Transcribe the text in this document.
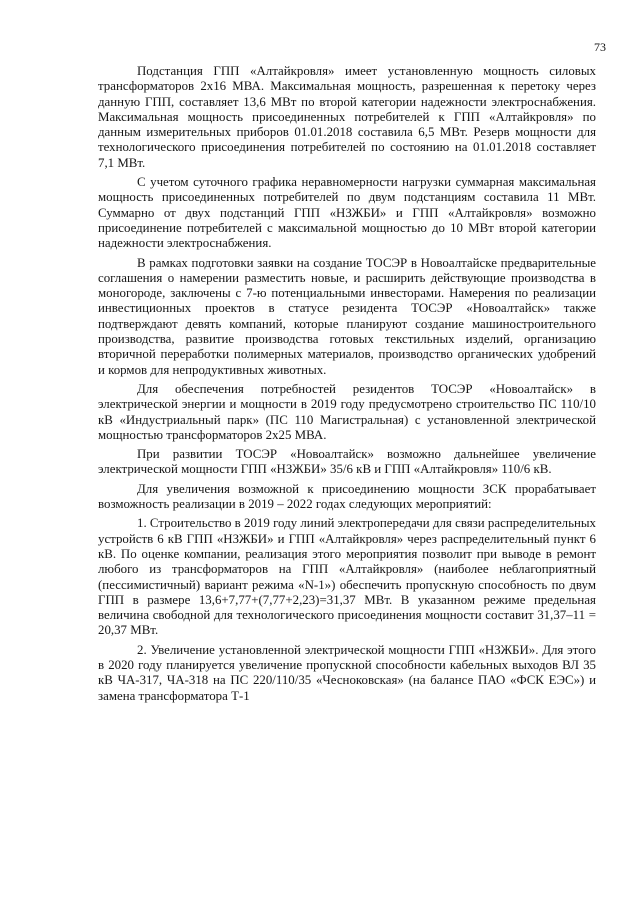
73

Подстанция ГПП «Алтайкровля» имеет установленную мощность силовых трансформаторов 2х16 МВА. Максимальная мощность, разрешенная к перетоку через данную ГПП, составляет 13,6 МВт по второй категории надежности электроснабжения. Максимальная мощность присоединенных потребителей к ГПП «Алтайкровля» по данным измерительных приборов 01.01.2018 составила 6,5 МВт. Резерв мощности для технологического присоединения потребителей по состоянию на 01.01.2018 составляет 7,1 МВт.

С учетом суточного графика неравномерности нагрузки суммарная максимальная мощность присоединенных потребителей по двум подстанциям составила 11 МВт. Суммарно от двух подстанций ГПП «НЗЖБИ» и ГПП «Алтайкровля» возможно присоединение потребителей с максимальной мощностью до 10 МВт второй категории надежности электроснабжения.

В рамках подготовки заявки на создание ТОСЭР в Новоалтайске предварительные соглашения о намерении разместить новые, и расширить действующие производства в моногороде, заключены с 7-ю потенциальными инвесторами. Намерения по реализации инвестиционных проектов в статусе резидента ТОСЭР «Новоалтайск» также подтверждают девять компаний, которые планируют создание машиностроительного производства, развитие производства готовых текстильных изделий, организацию вторичной переработки полимерных материалов, производство органических удобрений и кормов для непродуктивных животных.

Для обеспечения потребностей резидентов ТОСЭР «Новоалтайск» в электрической энергии и мощности в 2019 году предусмотрено строительство ПС 110/10 кВ «Индустриальный парк» (ПС 110 Магистральная) с установленной электрической мощностью трансформаторов 2х25 МВА.

При развитии ТОСЭР «Новоалтайск» возможно дальнейшее увеличение электрической мощности ГПП «НЗЖБИ» 35/6 кВ и ГПП «Алтайкровля» 110/6 кВ.

Для увеличения возможной к присоединению мощности ЗСК прорабатывает возможность реализации в 2019 – 2022 годах следующих мероприятий:

1. Строительство в 2019 году линий электропередачи для связи распределительных устройств 6 кВ ГПП «НЗЖБИ» и ГПП «Алтайкровля» через распределительный пункт 6 кВ. По оценке компании, реализация этого мероприятия позволит при выводе в ремонт любого из трансформаторов на ГПП «Алтайкровля» (наиболее неблагоприятный (пессимистичный) вариант режима «N-1») обеспечить пропускную способность по двум ГПП в размере 13,6+7,77+(7,77+2,23)=31,37 МВт. В указанном режиме предельная величина свободной для технологического присоединения мощности составит 31,37–11 = 20,37 МВт.

2. Увеличение установленной электрической мощности ГПП «НЗЖБИ». Для этого в 2020 году планируется увеличение пропускной способности кабельных выходов ВЛ 35 кВ ЧА-317, ЧА-318 на ПС 220/110/35 «Чесноковская» (на балансе ПАО «ФСК ЕЭС») и замена трансформатора Т-1
